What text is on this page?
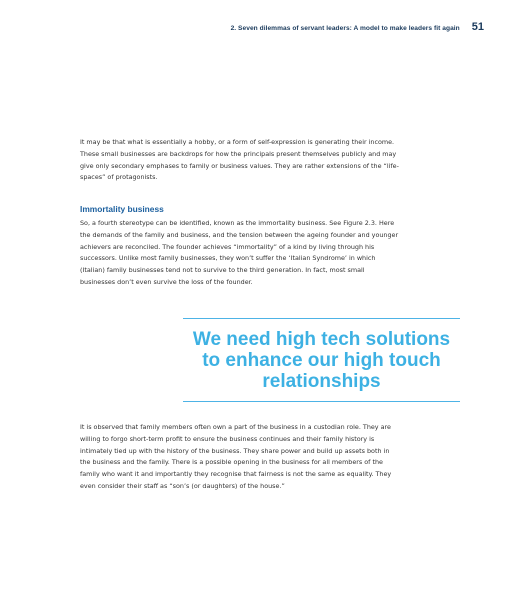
2. Seven dilemmas of servant leaders: A model to make leaders fit again 51

It may be that what is essentially a hobby, or a form of self-expression is generating their income. These small businesses are backdrops for how the principals present themselves publicly and may give only secondary emphases to family or business values. They are rather extensions of the “life-spaces” of protagonists.

Immortality business

So, a fourth stereotype can be identified, known as the immortality business. See Figure 2.3. Here the demands of the family and business, and the tension between the ageing founder and younger achievers are reconciled. The founder achieves “immortality” of a kind by living through his successors. Unlike most family businesses, they won’t suffer the ‘Italian Syndrome’ in which (Italian) family businesses tend not to survive to the third generation. In fact, most small businesses don’t even survive the loss of the founder.

We need high tech solutions to enhance our high touch relationships

It is observed that family members often own a part of the business in a custodian role. They are willing to forgo short-term profit to ensure the business continues and their family history is intimately tied up with the history of the business. They share power and build up assets both in the business and the family. There is a possible opening in the business for all members of the family who want it and importantly they recognise that fairness is not the same as equality. They even consider their staff as “son’s (or daughters) of the house.”
